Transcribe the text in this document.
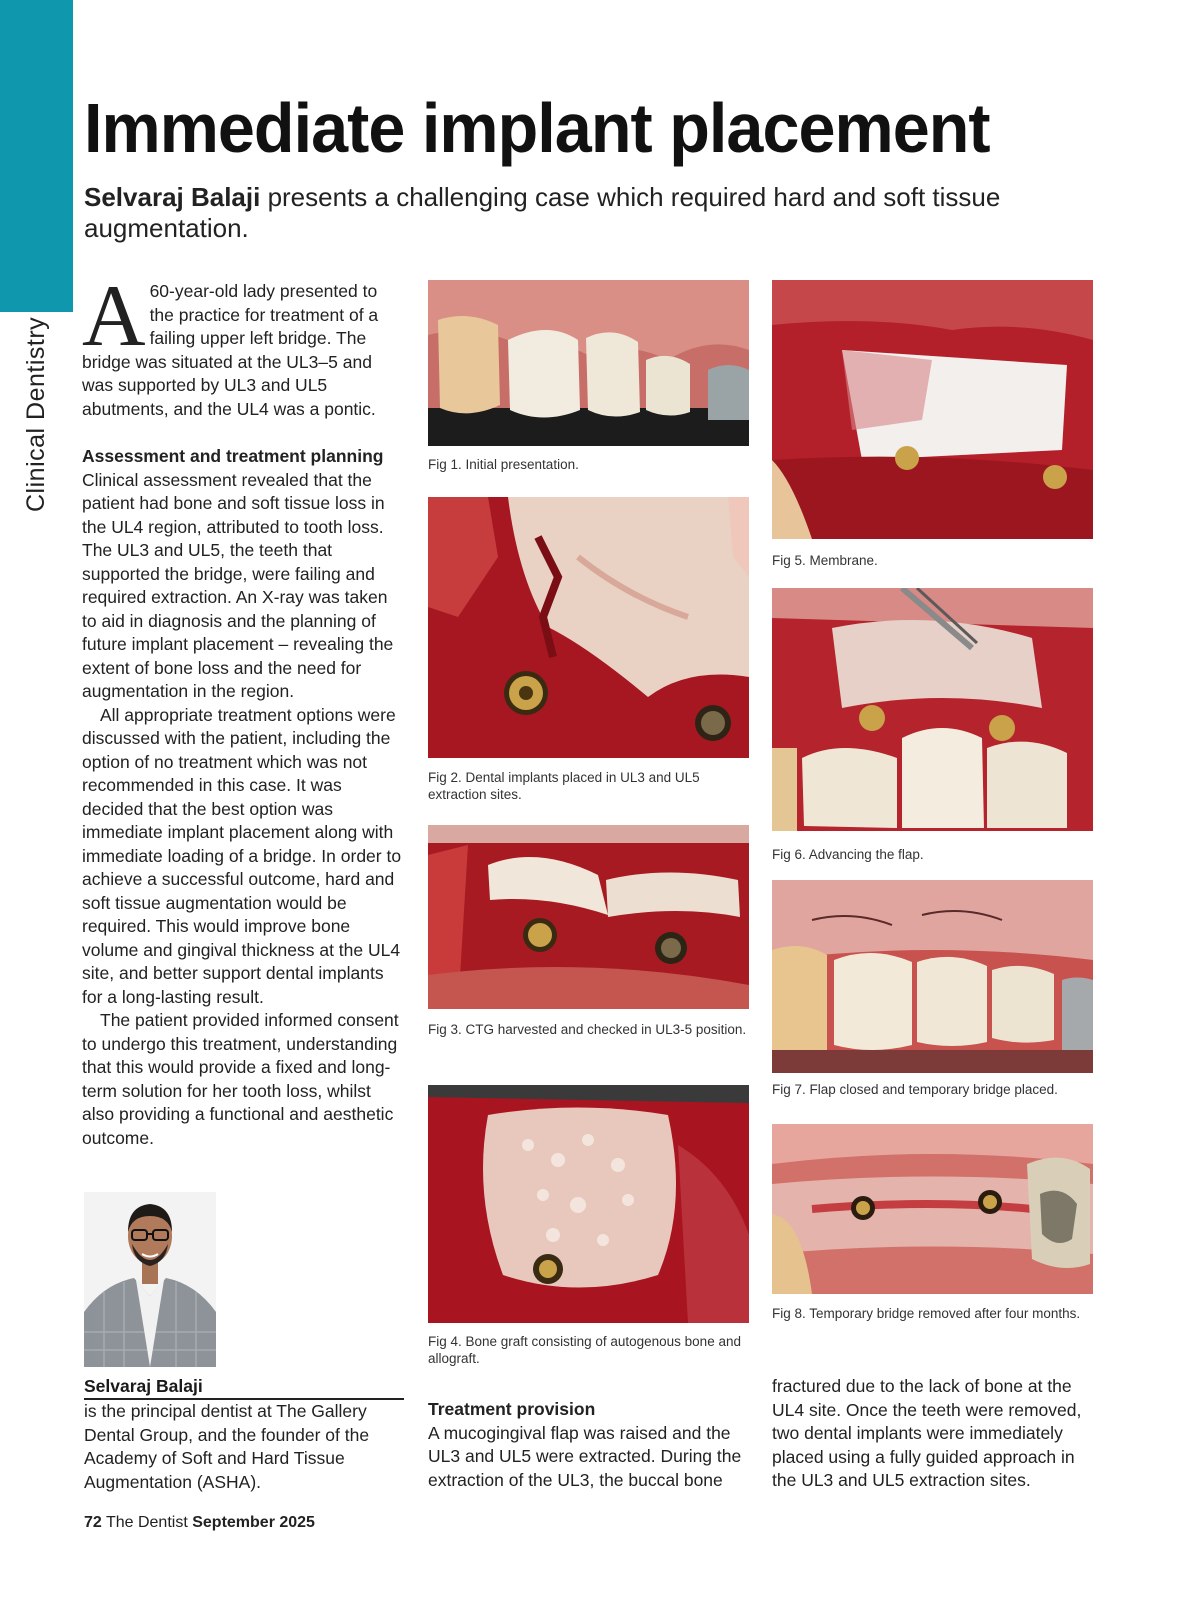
Clinical Dentistry
Immediate implant placement

Selvaraj Balaji presents a challenging case which required hard and soft tissue augmentation.

A 60-year-old lady presented to the practice for treatment of a failing upper left bridge. The bridge was situated at the UL3–5 and was supported by UL3 and UL5 abutments, and the UL4 was a pontic.

Assessment and treatment planning

Clinical assessment revealed that the patient had bone and soft tissue loss in the UL4 region, attributed to tooth loss. The UL3 and UL5, the teeth that supported the bridge, were failing and required extraction. An X-ray was taken to aid in diagnosis and the planning of future implant placement – revealing the extent of bone loss and the need for augmentation in the region.

All appropriate treatment options were discussed with the patient, including the option of no treatment which was not recommended in this case. It was decided that the best option was immediate implant placement along with immediate loading of a bridge. In order to achieve a successful outcome, hard and soft tissue augmentation would be required. This would improve bone volume and gingival thickness at the UL4 site, and better support dental implants for a long-lasting result.

The patient provided informed consent to undergo this treatment, understanding that this would provide a fixed and long-term solution for her tooth loss, whilst also providing a functional and aesthetic outcome.

Selvaraj Balaji

is the principal dentist at The Gallery Dental Group, and the founder of the Academy of Soft and Hard Tissue Augmentation (ASHA).

Fig 1. Initial presentation.

Fig 2. Dental implants placed in UL3 and UL5 extraction sites.

Fig 3. CTG harvested and checked in UL3-5 position.

Fig 4. Bone graft consisting of autogenous bone and allograft.

Fig 5. Membrane.

Fig 6. Advancing the flap.

Fig 7. Flap closed and temporary bridge placed.

Fig 8. Temporary bridge removed after four months.

Treatment provision

A mucogingival flap was raised and the UL3 and UL5 were extracted. During the extraction of the UL3, the buccal bone

fractured due to the lack of bone at the UL4 site. Once the teeth were removed, two dental implants were immediately placed using a fully guided approach in the UL3 and UL5 extraction sites.

72 The Dentist September 2025
